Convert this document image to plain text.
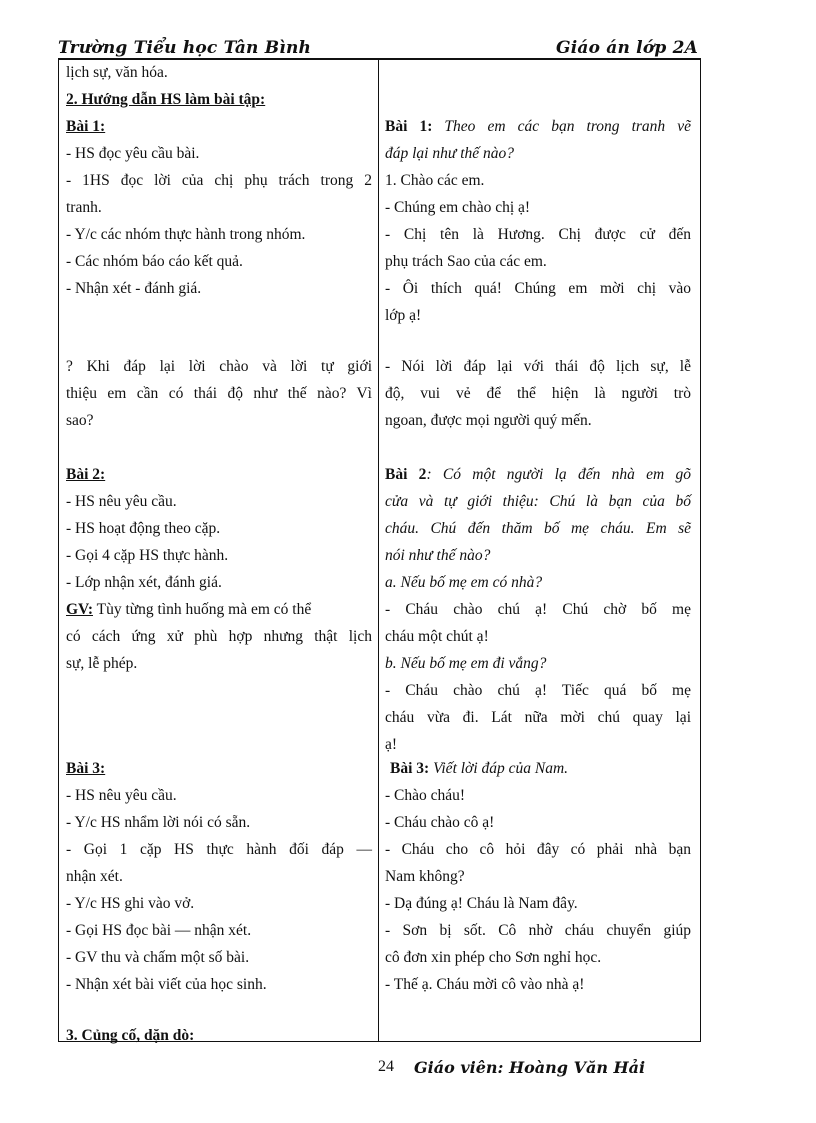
Trường Tiểu học Tân Bình	Giáo án lớp 2A
lịch sự, văn hóa.
2. Hướng dẫn HS làm bài tập:
Bài 1:
- HS đọc yêu cầu bài.
- 1HS đọc lời của chị phụ trách trong 2
tranh.
- Y/c các nhóm thực hành trong nhóm.
- Các nhóm báo cáo kết quả.
- Nhận xét - đánh giá.
? Khi đáp lại lời chào và lời tự giới
thiệu em cần có thái độ như thế nào? Vì
sao?
Bài 2:
- HS nêu yêu cầu.
- HS hoạt động theo cặp.
- Gọi 4 cặp HS thực hành.
- Lớp nhận xét, đánh giá.
GV: Tùy từng tình huống mà em có thể
có cách ứng xử phù hợp nhưng thật lịch
sự, lễ phép.
Bài 3:
- HS nêu yêu cầu.
- Y/c HS nhẩm lời nói có sẵn.
- Gọi 1 cặp HS thực hành đối đáp —
nhận xét.
- Y/c HS ghi vào vở.
- Gọi HS đọc bài — nhận xét.
- GV thu và chấm một số bài.
- Nhận xét bài viết của học sinh.
3. Củng cố, dặn dò:
Bài 1: Theo em các bạn trong tranh vẽ
đáp lại như thế nào?
1. Chào các em.
- Chúng em chào chị ạ!
- Chị tên là Hương. Chị được cử đến
phụ trách Sao của các em.
- Ôi thích quá! Chúng em mời chị vào
lớp ạ!
- Nói lời đáp lại với thái độ lịch sự, lễ
độ, vui vẻ để thể hiện là người trò
ngoan, được mọi người quý mến.
Bài 2: Có một người lạ đến nhà em gõ
cửa và tự giới thiệu: Chú là bạn của bố
cháu. Chú đến thăm bố mẹ cháu. Em sẽ
nói như thế nào?
a. Nếu bố mẹ em có nhà?
- Cháu chào chú ạ! Chú chờ bố mẹ
cháu một chút ạ!
b. Nếu bố mẹ em đi vắng?
- Cháu chào chú ạ! Tiếc quá bố mẹ
cháu vừa đi. Lát nữa mời chú quay lại
ạ!
Bài 3: Viết lời đáp của Nam.
- Chào cháu!
- Cháu chào cô ạ!
- Cháu cho cô hỏi đây có phải nhà bạn
Nam không?
- Dạ đúng ạ! Cháu là Nam đây.
- Sơn bị sốt. Cô nhờ cháu chuyển giúp
cô đơn xin phép cho Sơn nghỉ học.
- Thế ạ. Cháu mời cô vào nhà ạ!
24 Giáo viên: Hoàng Văn Hải
